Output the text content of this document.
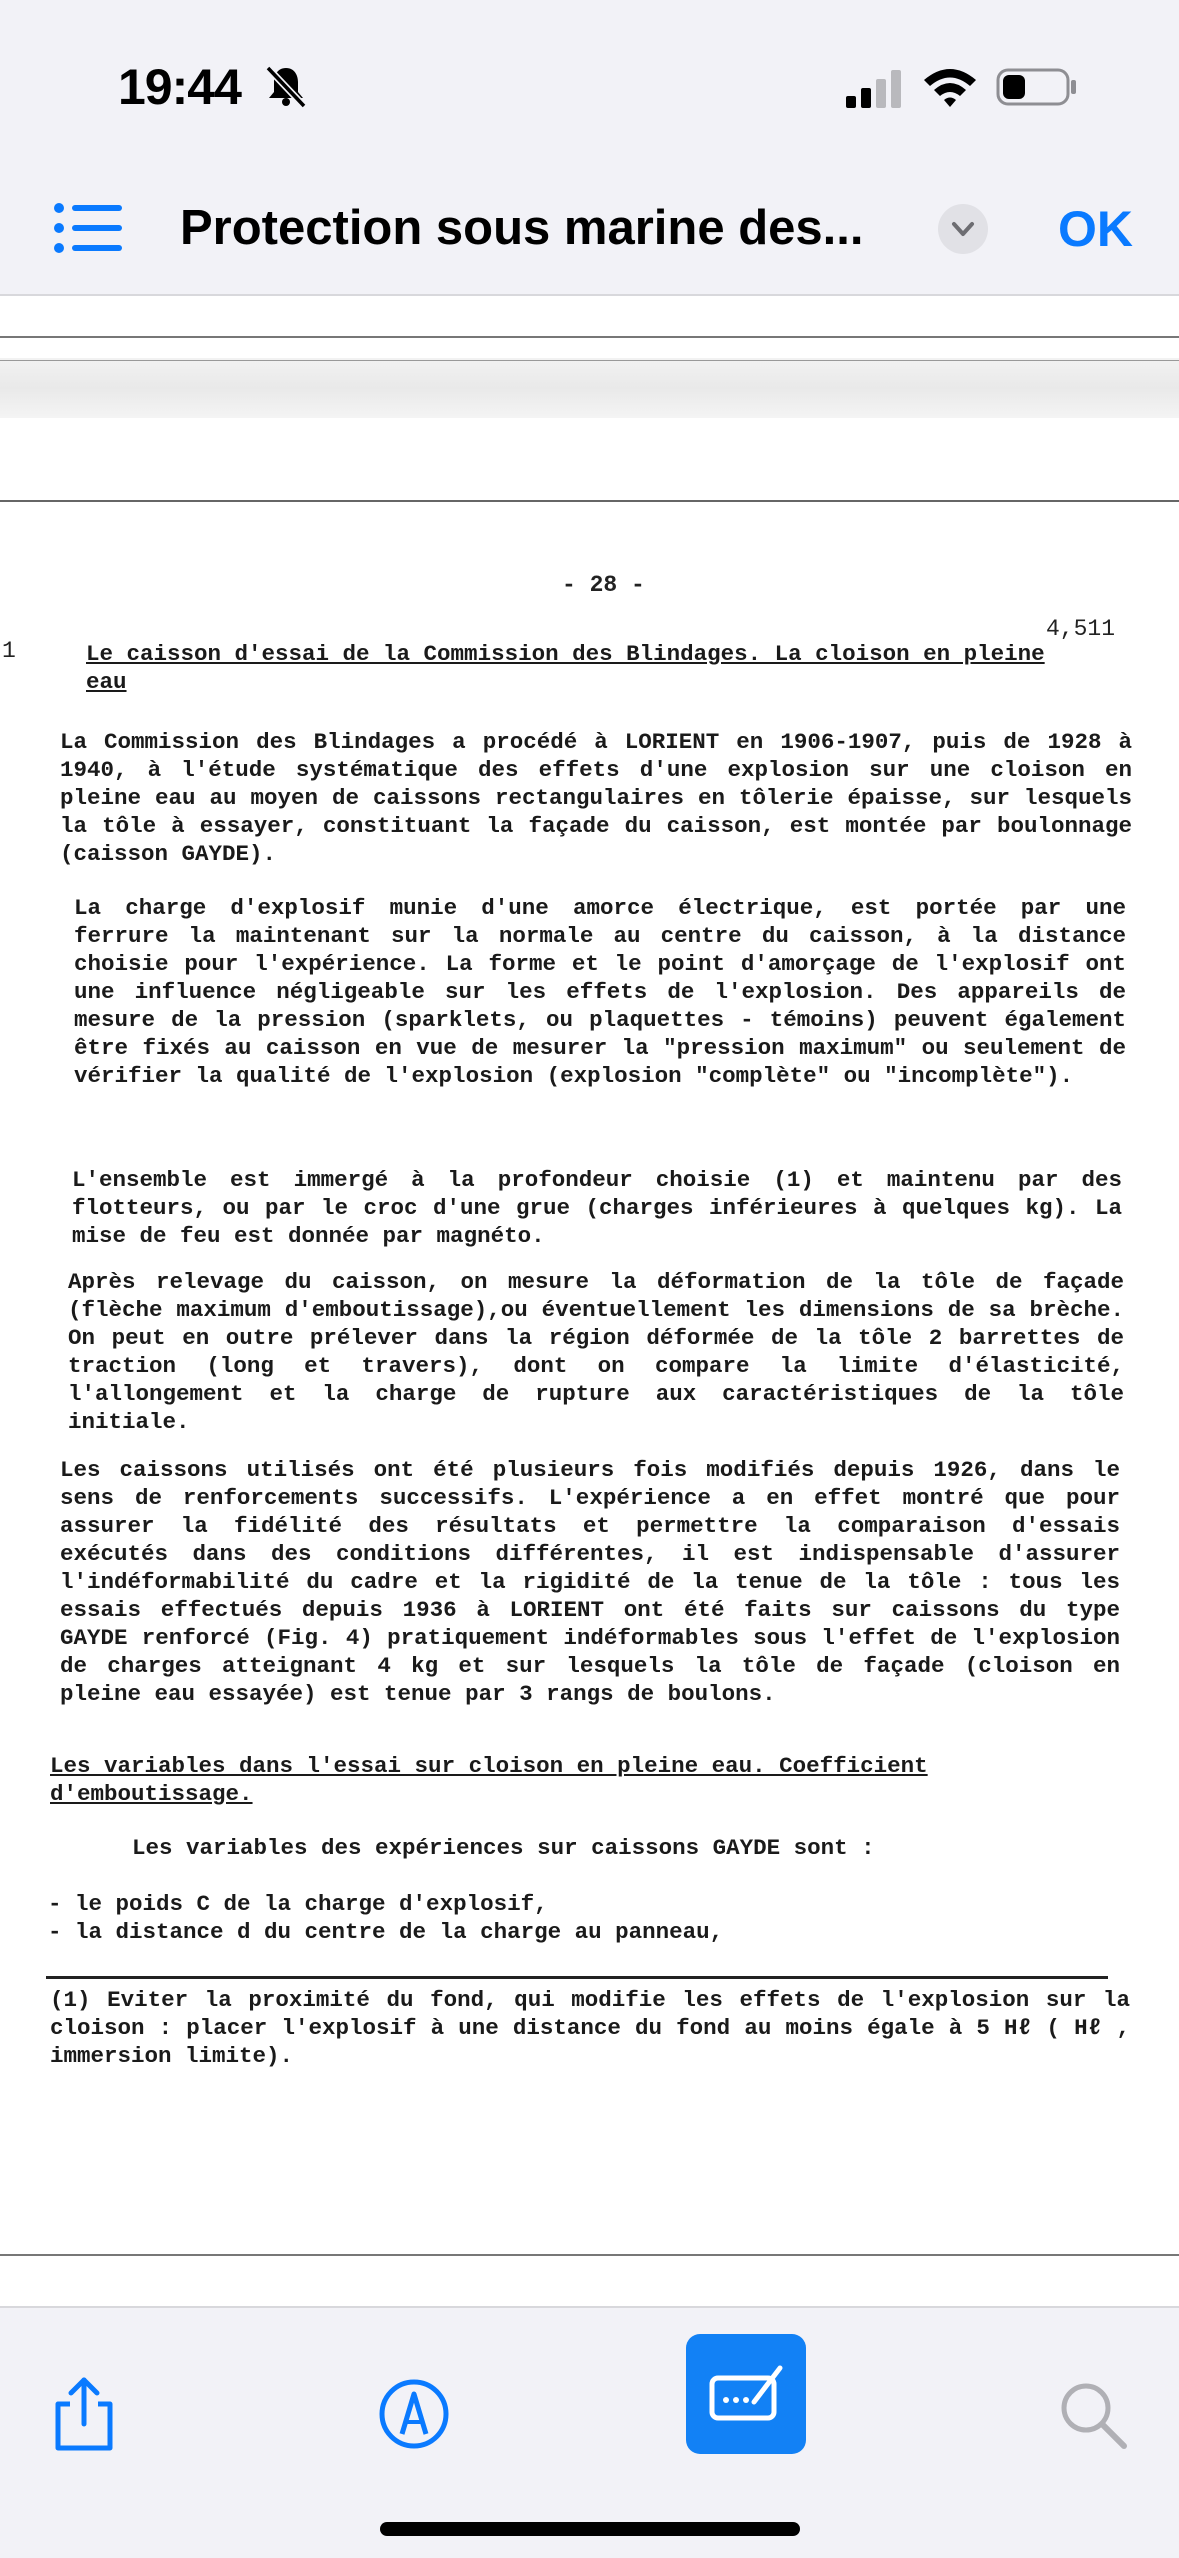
19:44
Protection sous marine des...	OK
- 28 -
4,511
1	Le caisson d'essai de la Commission des Blindages. La cloison en pleine eau
La Commission des Blindages a procédé à LORIENT en 1906-1907, puis de 1928 à 1940, à l'étude systématique des effets d'une explosion sur une cloison en pleine eau au moyen de caissons rectangulaires en tôlerie épaisse, sur lesquels la tôle à essayer, constituant la façade du caisson, est montée par boulonnage (caisson GAYDE).
La charge d'explosif munie d'une amorce électrique, est portée par une ferrure la maintenant sur la normale au centre du caisson, à la distance choisie pour l'expérience. La forme et le point d'amorçage de l'explosif ont une influence négligeable sur les effets de l'explosion. Des appareils de mesure de la pression (sparklets, ou plaquettes - témoins) peuvent également être fixés au caisson en vue de mesurer la "pression maximum" ou seulement de vérifier la qualité de l'explosion (explosion "complète" ou "incomplète").
L'ensemble est immergé à la profondeur choisie (1) et maintenu par des flotteurs, ou par le croc d'une grue (charges inférieures à quelques kg). La mise de feu est donnée par magnéto.
Après relevage du caisson, on mesure la déformation de la tôle de façade (flèche maximum d'emboutissage),ou éventuellement les dimensions de sa brèche. On peut en outre prélever dans la région déformée de la tôle 2 barrettes de traction (long et travers), dont on compare la limite d'élasticité, l'allongement et la charge de rupture aux caractéristiques de la tôle initiale.
Les caissons utilisés ont été plusieurs fois modifiés depuis 1926, dans le sens de renforcements successifs. L'expérience a en effet montré que pour assurer la fidélité des résultats et permettre la comparaison d'essais exécutés dans des conditions différentes, il est indispensable d'assurer l'indéformabilité du cadre et la rigidité de la tenue de la tôle : tous les essais effectués depuis 1936 à LORIENT ont été faits sur caissons du type GAYDE renforcé (Fig. 4) pratiquement indéformables sous l'effet de l'explosion de charges atteignant 4 kg et sur lesquels la tôle de façade (cloison en pleine eau essayée) est tenue par 3 rangs de boulons.
Les variables dans l'essai sur cloison en pleine eau. Coefficient d'emboutissage.
Les variables des expériences sur caissons GAYDE sont :
- le poids C de la charge d'explosif,
- la distance d du centre de la charge au panneau,
(1) Eviter la proximité du fond, qui modifie les effets de l'explosion sur la cloison : placer l'explosif à une distance du fond au moins égale à 5 Hℓ ( Hℓ , immersion limite).
